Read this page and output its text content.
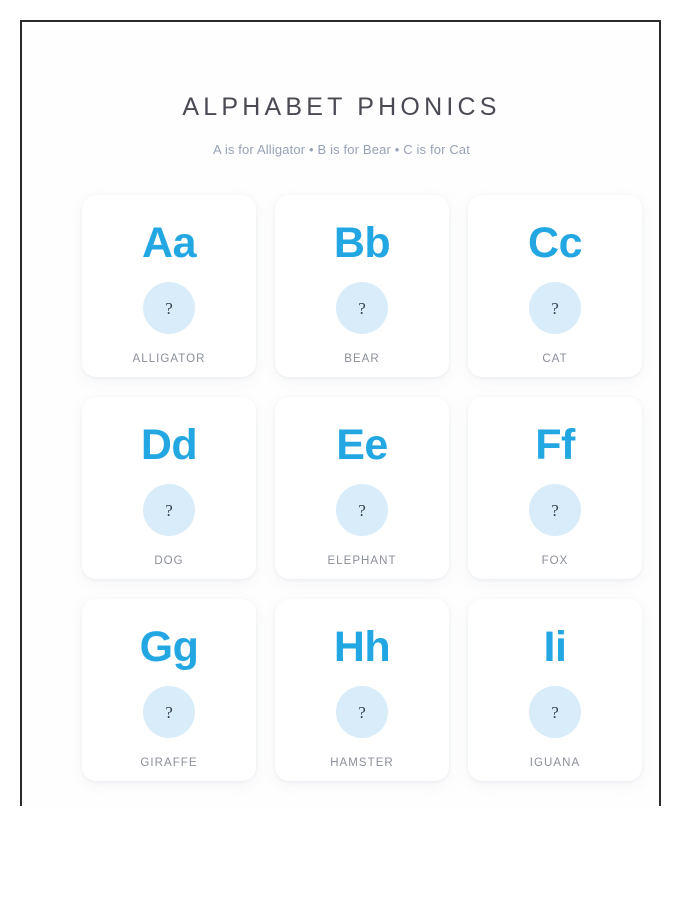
ALPHABET PHONICS

A is for Alligator • B is for Bear • C is for Cat

Aa
?
ALLIGATOR
Bb
?
BEAR
Cc
?
CAT
Dd
?
DOG
Ee
?
ELEPHANT
Ff
?
FOX
Gg
?
GIRAFFE
Hh
?
HAMSTER
Ii
?
IGUANA
